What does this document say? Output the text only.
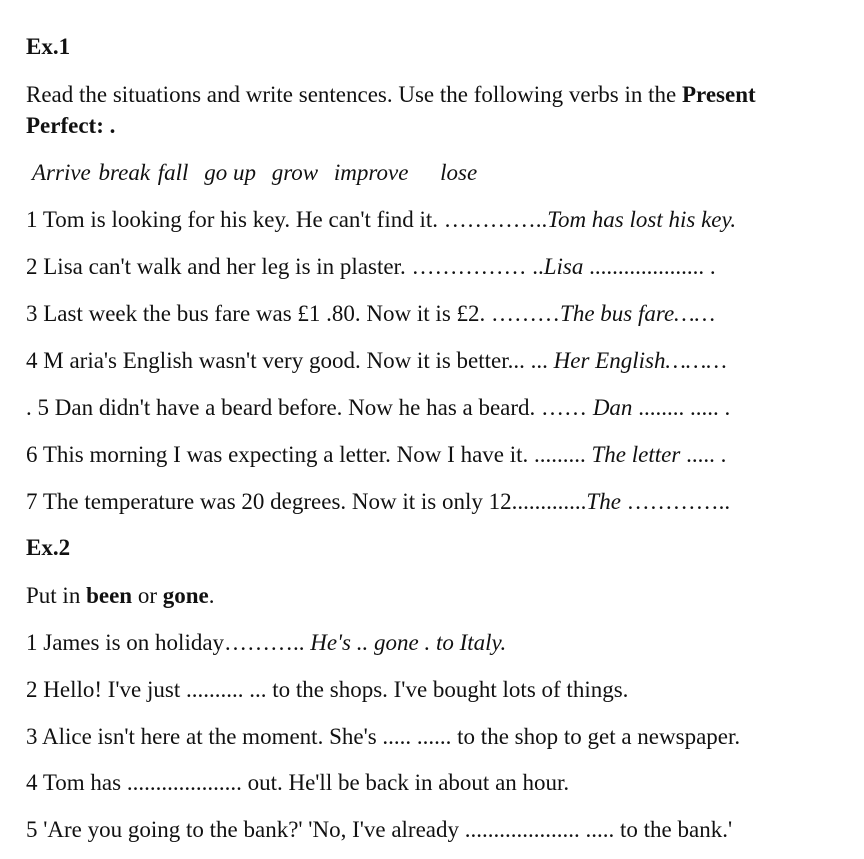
Ex.1
Read the situations and write sentences. Use the following verbs in the Present
Perfect: .
Arrive break fall go up grow improve lose
1 Tom is looking for his key. He can't find it. …………..Tom has lost his key.
2 Lisa can't walk and her leg is in plaster. …………… ..Lisa .................... .
3 Last week the bus fare was £1 .80. Now it is £2. ………The bus fare……
4 M aria's English wasn't very good. Now it is better... ... Her English………
. 5 Dan didn't have a beard before. Now he has a beard. …… Dan ........ ..... .
6 This morning I was expecting a letter. Now I have it. ......... The letter ..... .
7 The temperature was 20 degrees. Now it is only 12.............The …………..
Ex.2
Put in been or gone.
1 James is on holiday……….. He's .. gone . to Italy.
2 Hello! I've just .......... ... to the shops. I've bought lots of things.
3 Alice isn't here at the moment. She's ..... ...... to the shop to get a newspaper.
4 Tom has .................... out. He'll be back in about an hour.
5 'Are you going to the bank?' 'No, I've already .................... ..... to the bank.'
